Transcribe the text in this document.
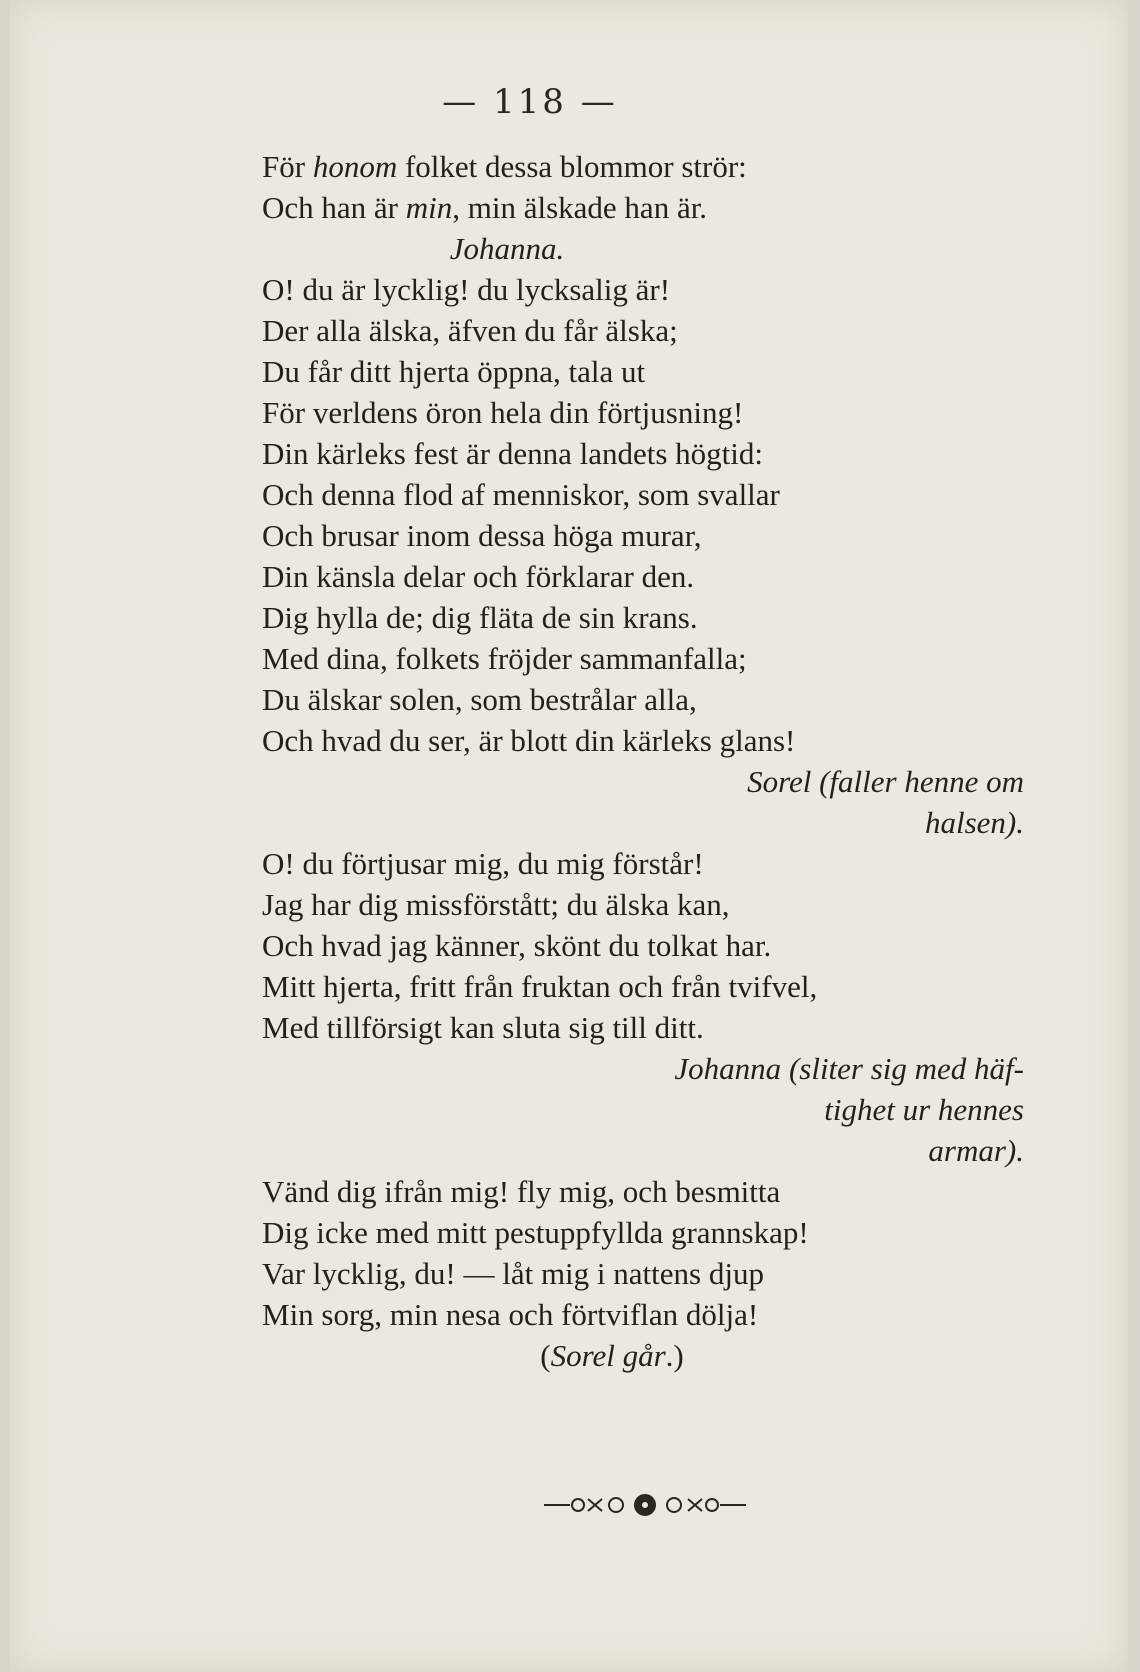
— 118 —
För honom folket dessa blommor strör:
Och han är min, min älskade han är.
Johanna.
O! du är lycklig! du lycksalig är!
Der alla älska, äfven du får älska;
Du får ditt hjerta öppna, tala ut
För verldens öron hela din förtjusning!
Din kärleks fest är denna landets högtid:
Och denna flod af menniskor, som svallar
Och brusar inom dessa höga murar,
Din känsla delar och förklarar den.
Dig hylla de; dig fläta de sin krans.
Med dina, folkets fröjder sammanfalla;
Du älskar solen, som bestrålar alla,
Och hvad du ser, är blott din kärleks glans!
Sorel (faller henne om
halsen).
O! du förtjusar mig, du mig förstår!
Jag har dig missförstått; du älska kan,
Och hvad jag känner, skönt du tolkat har.
Mitt hjerta, fritt från fruktan och från tvifvel,
Med tillförsigt kan sluta sig till ditt.
Johanna (sliter sig med häf-
tighet ur hennes
armar).
Vänd dig ifrån mig! fly mig, och besmitta
Dig icke med mitt pestuppfyllda grannskap!
Var lycklig, du! — låt mig i nattens djup
Min sorg, min nesa och förtviflan dölja!
(Sorel går.)
